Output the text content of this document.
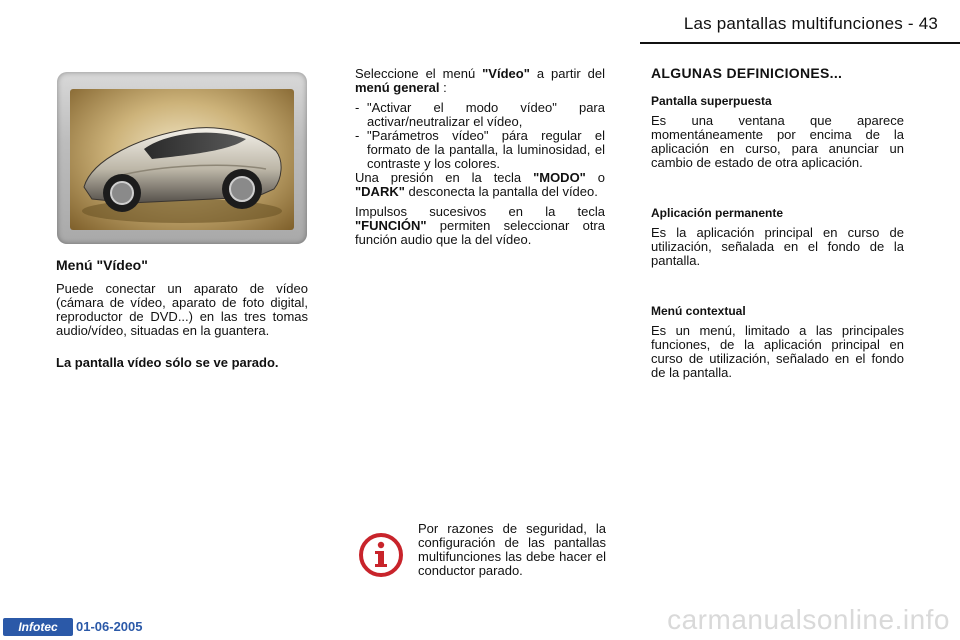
Las pantallas multifunciones - 43

Menú "Vídeo"

Puede conectar un aparato de vídeo (cámara de vídeo, aparato de foto digital, reproductor de DVD...) en las tres tomas audio/vídeo, situadas en la guantera.

La pantalla vídeo sólo se ve parado.

Seleccione el menú "Vídeo" a partir del menú general :

- "Activar el modo vídeo" para activar/neutralizar el vídeo,
- "Parámetros vídeo" pára regular el formato de la pantalla, la luminosidad, el contraste y los colores.

Una presión en la tecla "MODO" o "DARK" desconecta la pantalla del vídeo.

Impulsos sucesivos en la tecla "FUNCIÓN" permiten seleccionar otra función audio que la del vídeo.

ALGUNAS DEFINICIONES...

Pantalla superpuesta

Es una ventana que aparece momentáneamente por encima de la aplicación en curso, para anunciar un cambio de estado de otra aplicación.

Aplicación permanente

Es la aplicación principal en curso de utilización, señalada en el fondo de la pantalla.

Menú contextual

Es un menú, limitado a las principales funciones, de la aplicación principal en curso de utilización, señalado en el fondo de la pantalla.

Por razones de seguridad, la configuración de las pantallas multifunciones las debe hacer el conductor parado.
Infotec	01-06-2005	carmanualsonline.info
